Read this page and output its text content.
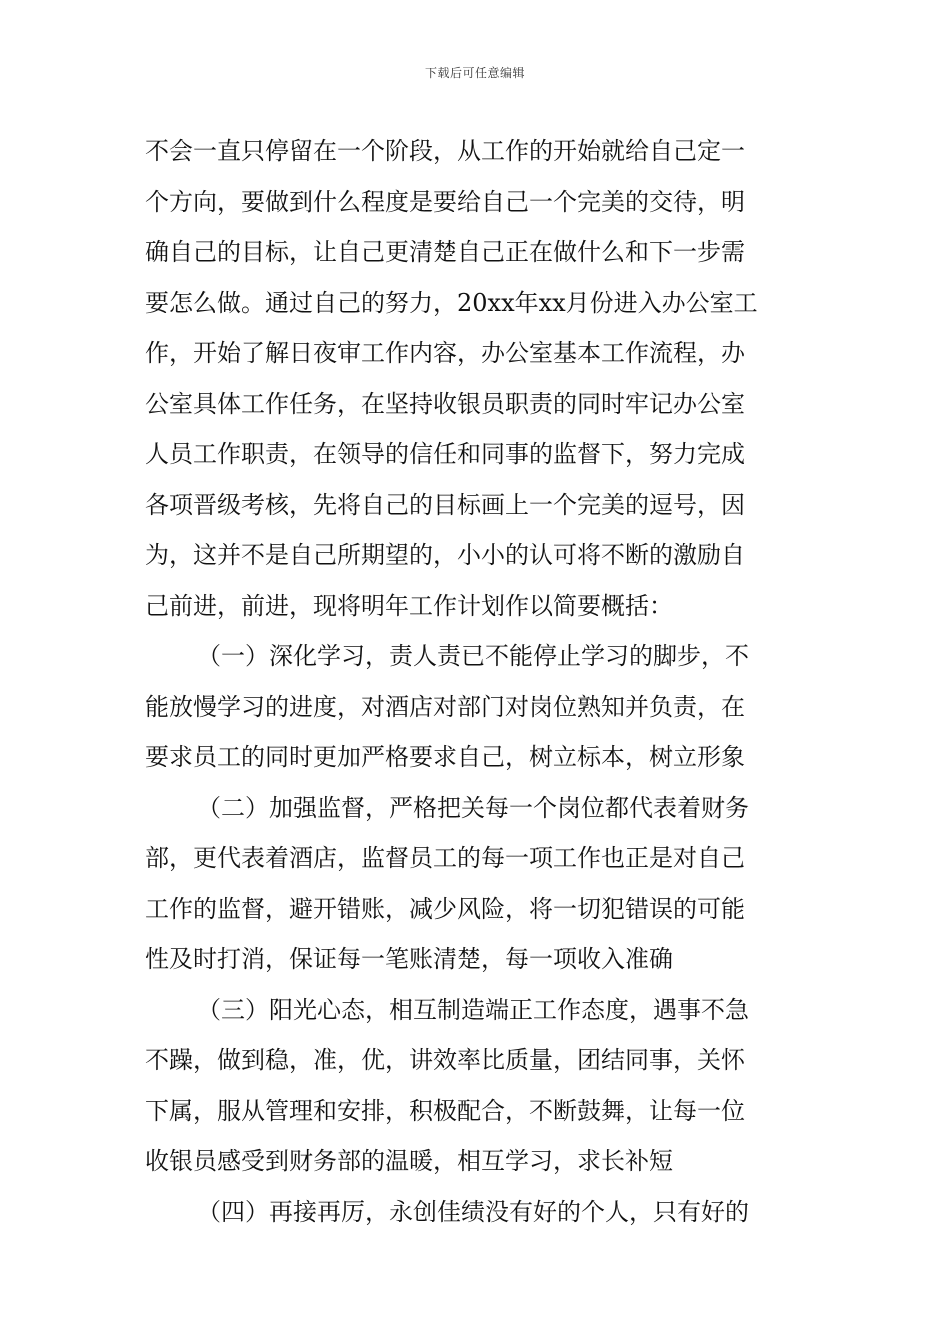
下载后可任意编辑
不会一直只停留在一个阶段，从工作的开始就给自己定一
个方向，要做到什么程度是要给自己一个完美的交待，明
确自己的目标，让自己更清楚自己正在做什么和下一步需
要怎么做。通过自己的努力，20xx年xx月份进入办公室工
作，开始了解日夜审工作内容，办公室基本工作流程，办
公室具体工作任务，在坚持收银员职责的同时牢记办公室
人员工作职责，在领导的信任和同事的监督下，努力完成
各项晋级考核，先将自己的目标画上一个完美的逗号，因
为，这并不是自己所期望的，小小的认可将不断的激励自
己前进，前进，现将明年工作计划作以简要概括：
（一）深化学习，责人责已不能停止学习的脚步，不
能放慢学习的进度，对酒店对部门对岗位熟知并负责，在
要求员工的同时更加严格要求自己，树立标本，树立形象
（二）加强监督，严格把关每一个岗位都代表着财务
部，更代表着酒店，监督员工的每一项工作也正是对自己
工作的监督，避开错账，减少风险，将一切犯错误的可能
性及时打消，保证每一笔账清楚，每一项收入准确
（三）阳光心态，相互制造端正工作态度，遇事不急
不躁，做到稳，准，优，讲效率比质量，团结同事，关怀
下属，服从管理和安排，积极配合，不断鼓舞，让每一位
收银员感受到财务部的温暖，相互学习，求长补短
（四）再接再厉，永创佳绩没有好的个人，只有好的
